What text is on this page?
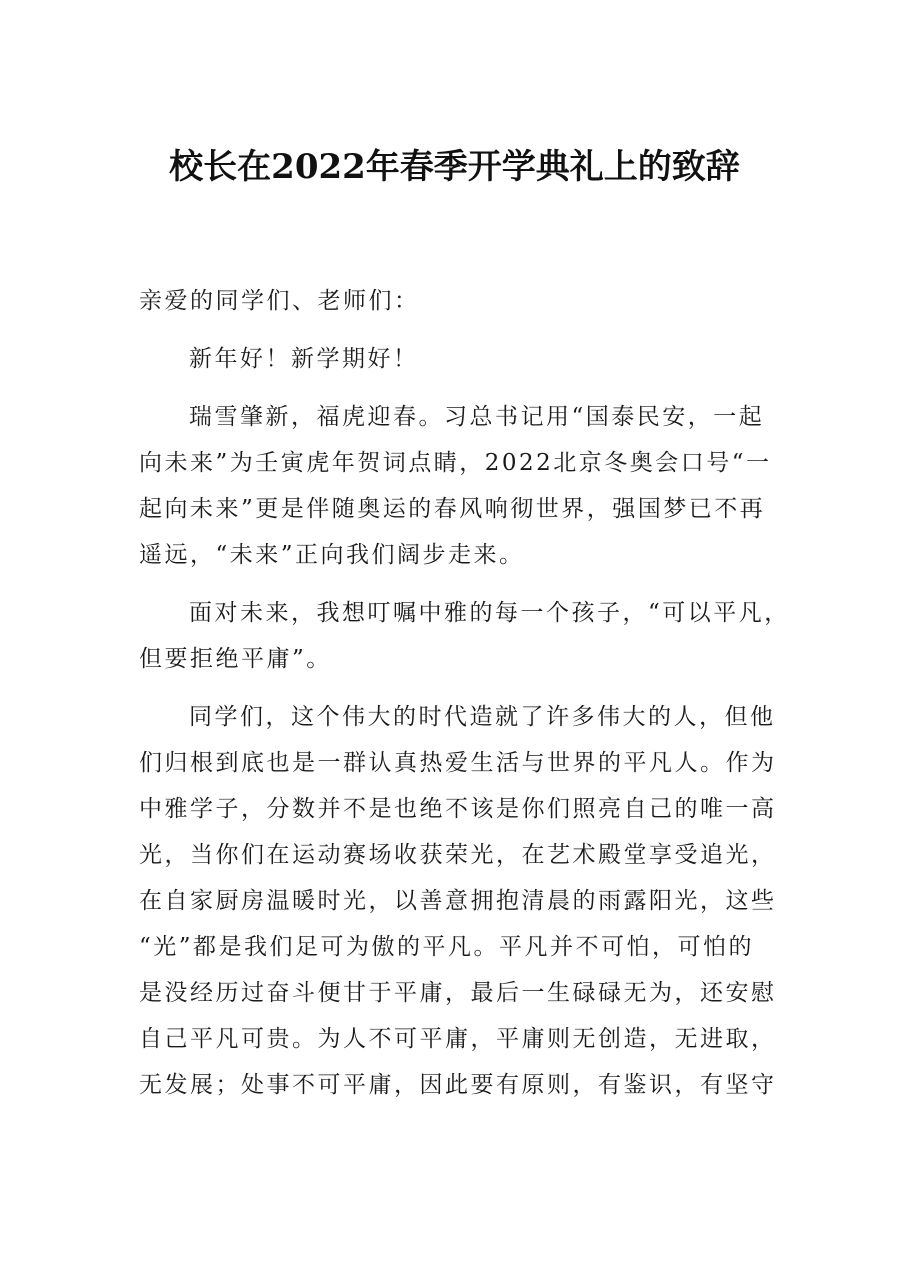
校长在2022年春季开学典礼上的致辞
亲爱的同学们、老师们：
新年好！新学期好！
瑞雪肇新，福虎迎春。习总书记用“国泰民安，一起
向未来”为壬寅虎年贺词点睛，2022北京冬奥会口号“一
起向未来”更是伴随奥运的春风响彻世界，强国梦已不再
遥远，“未来”正向我们阔步走来。
面对未来，我想叮嘱中雅的每一个孩子，“可以平凡，
但要拒绝平庸”。
同学们，这个伟大的时代造就了许多伟大的人，但他
们归根到底也是一群认真热爱生活与世界的平凡人。作为
中雅学子，分数并不是也绝不该是你们照亮自己的唯一高
光，当你们在运动赛场收获荣光，在艺术殿堂享受追光，
在自家厨房温暖时光，以善意拥抱清晨的雨露阳光，这些
“光”都是我们足可为傲的平凡。平凡并不可怕，可怕的
是没经历过奋斗便甘于平庸，最后一生碌碌无为，还安慰
自己平凡可贵。为人不可平庸，平庸则无创造，无进取，
无发展；处事不可平庸，因此要有原则，有鉴识，有坚守
